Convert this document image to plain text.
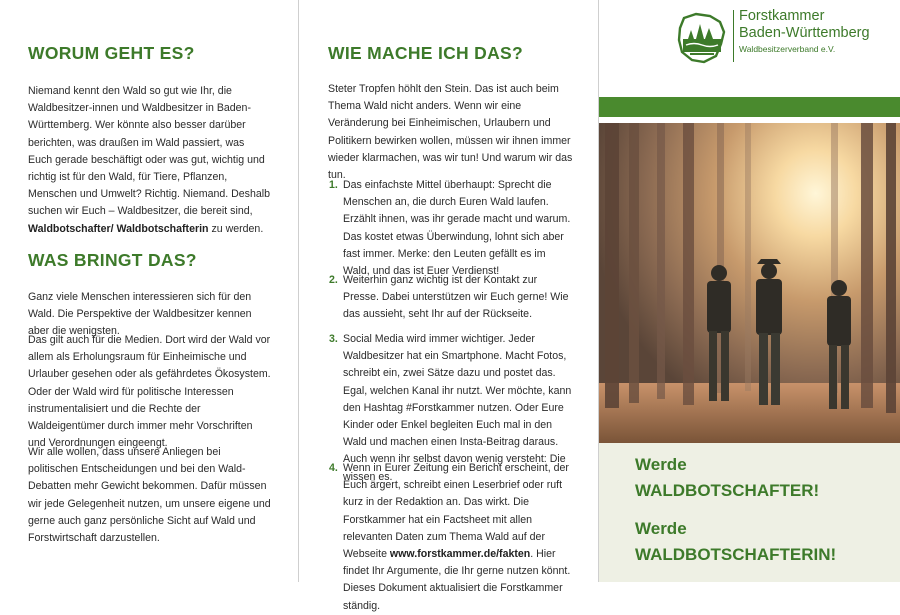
WORUM GEHT ES?
Niemand kennt den Wald so gut wie Ihr, die Waldbesitzer-innen und Waldbesitzer in Baden-Württemberg. Wer könnte also besser darüber berichten, was draußen im Wald passiert, was Euch gerade beschäftigt oder was gut, wichtig und richtig ist für den Wald, für Tiere, Pflanzen, Menschen und Umwelt? Richtig. Niemand. Deshalb suchen wir Euch – Waldbesitzer, die bereit sind, Waldbotschafter/ Waldbotschafterin zu werden.
WAS BRINGT DAS?
Ganz viele Menschen interessieren sich für den Wald. Die Perspektive der Waldbesitzer kennen aber die wenigsten.
Das gilt auch für die Medien. Dort wird der Wald vor allem als Erholungsraum für Einheimische und Urlauber gesehen oder als gefährdetes Ökosystem. Oder der Wald wird für politische Interessen instrumentalisiert und die Rechte der Waldeigentümer durch immer mehr Vorschriften und Verordnungen eingeengt.
Wir alle wollen, dass unsere Anliegen bei politischen Entscheidungen und bei den Wald-Debatten mehr Gewicht bekommen. Dafür müssen wir jede Gelegenheit nutzen, um unsere eigene und gerne auch ganz persönliche Sicht auf Wald und Forstwirtschaft darzustellen.
WIE MACHE ICH DAS?
Steter Tropfen höhlt den Stein. Das ist auch beim Thema Wald nicht anders. Wenn wir eine Veränderung bei Einheimischen, Urlaubern und Politikern bewirken wollen, müssen wir ihnen immer wieder klarmachen, was wir tun! Und warum wir das tun.
1. Das einfachste Mittel überhaupt: Sprecht die Menschen an, die durch Euren Wald laufen. Erzählt ihnen, was ihr gerade macht und warum. Das kostet etwas Überwindung, lohnt sich aber fast immer. Merke: den Leuten gefällt es im Wald, und das ist Euer Verdienst!
2. Weiterhin ganz wichtig ist der Kontakt zur Presse. Dabei unterstützen wir Euch gerne! Wie das aussieht, seht Ihr auf der Rückseite.
3. Social Media wird immer wichtiger. Jeder Waldbesitzer hat ein Smartphone. Macht Fotos, schreibt ein, zwei Sätze dazu und postet das. Egal, welchen Kanal ihr nutzt. Wer möchte, kann den Hashtag #Forstkammer nutzen. Oder Eure Kinder oder Enkel begleiten Euch mal in den Wald und machen einen Insta-Beitrag daraus. Auch wenn ihr selbst davon wenig versteht: Die wissen es.
4. Wenn in Eurer Zeitung ein Bericht erscheint, der Euch ärgert, schreibt einen Leserbrief oder ruft kurz in der Redaktion an. Das wirkt. Die Forstkammer hat ein Factsheet mit allen relevanten Daten zum Thema Wald auf der Webseite www.forstkammer.de/fakten. Hier findet Ihr Argumente, die Ihr gerne nutzen könnt. Dieses Dokument aktualisiert die Forstkammer ständig.
Forstkammer
Baden-Württemberg
Waldbesitzerverband e.V.
Werde
WALDBOTSCHAFTER!
Werde
WALDBOTSCHAFTERIN!
